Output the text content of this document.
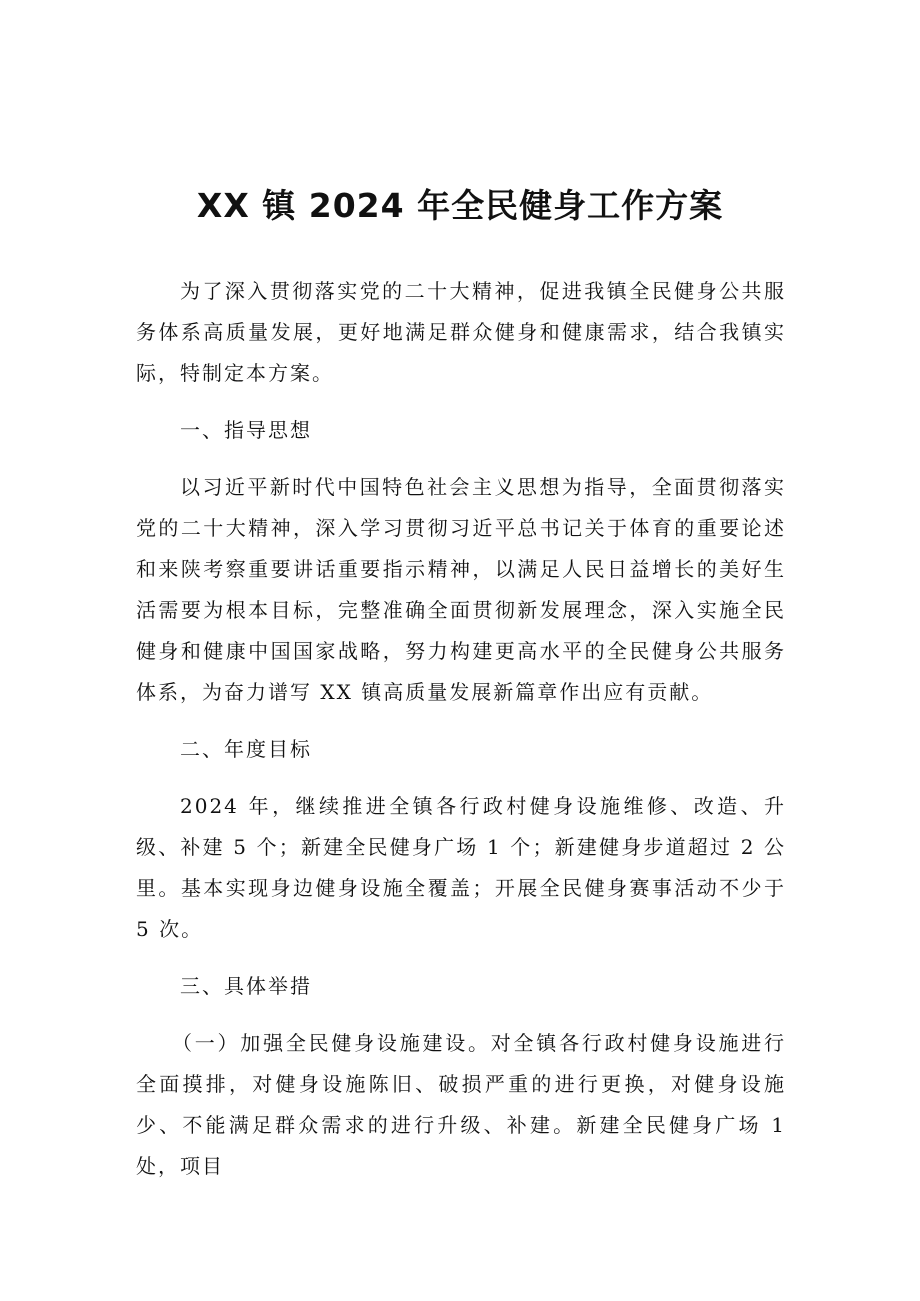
XX 镇 2024 年全民健身工作方案

为了深入贯彻落实党的二十大精神，促进我镇全民健身公共服务体系高质量发展，更好地满足群众健身和健康需求，结合我镇实际，特制定本方案。

一、指导思想

以习近平新时代中国特色社会主义思想为指导，全面贯彻落实党的二十大精神，深入学习贯彻习近平总书记关于体育的重要论述和来陕考察重要讲话重要指示精神，以满足人民日益增长的美好生活需要为根本目标，完整准确全面贯彻新发展理念，深入实施全民健身和健康中国国家战略，努力构建更高水平的全民健身公共服务体系，为奋力谱写 XX 镇高质量发展新篇章作出应有贡献。

二、年度目标

2024 年，继续推进全镇各行政村健身设施维修、改造、升级、补建 5 个；新建全民健身广场 1 个；新建健身步道超过 2 公里。基本实现身边健身设施全覆盖；开展全民健身赛事活动不少于 5 次。

三、具体举措

（一）加强全民健身设施建设。对全镇各行政村健身设施进行全面摸排，对健身设施陈旧、破损严重的进行更换，对健身设施少、不能满足群众需求的进行升级、补建。新建全民健身广场 1 处，项目
